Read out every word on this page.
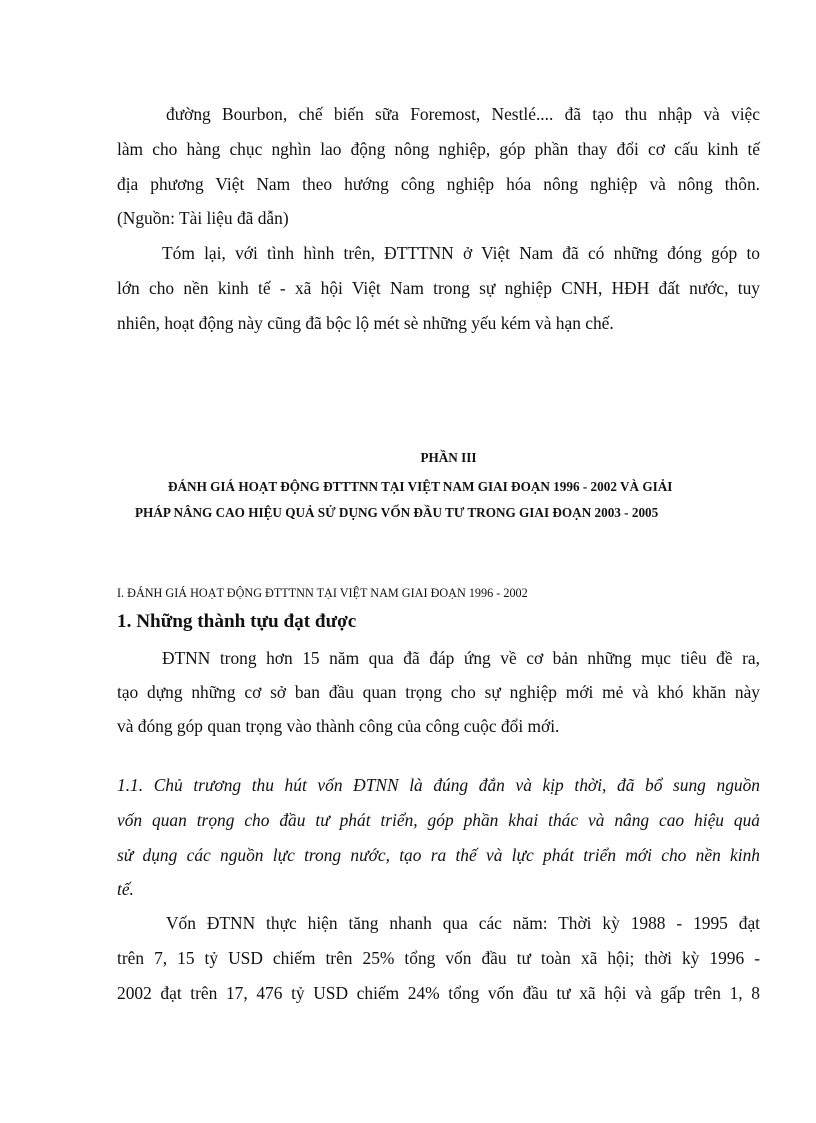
đường Bourbon, chế biến sữa Foremost, Nestlé.... đã tạo thu nhập và việc
làm cho hàng chục nghìn lao động nông nghiệp, góp phần thay đổi cơ cấu kinh tế
địa phương Việt Nam theo hướng công nghiệp hóa nông nghiệp và nông thôn.
(Nguồn: Tài liệu đã dẫn)
Tóm lại, với tình hình trên, ĐTTTNN ở Việt Nam đã có những đóng góp to
lớn cho nền kinh tế - xã hội Việt Nam trong sự nghiệp CNH, HĐH đất nước, tuy
nhiên, hoạt động này cũng đã bộc lộ mét sè những yếu kém và hạn chế.
PHẦN III
ĐÁNH GIÁ HOẠT ĐỘNG ĐTTTNN TẠI VIỆT NAM GIAI ĐOẠN 1996 - 2002 VÀ GIẢI
PHÁP NÂNG CAO HIỆU QUẢ SỬ DỤNG VỐN ĐẦU TƯ TRONG GIAI ĐOẠN 2003 - 2005
I. ĐÁNH GIÁ HOẠT ĐỘNG ĐTTTNN TẠI VIỆT NAM GIAI ĐOẠN 1996 - 2002
1. Những thành tựu đạt được
ĐTNN trong hơn 15 năm qua đã đáp ứng về cơ bản những mục tiêu đề ra,
tạo dựng những cơ sở ban đầu quan trọng cho sự nghiệp mới mẻ và khó khăn này
và đóng góp quan trọng vào thành công của công cuộc đổi mới.
1.1. Chủ trương thu hút vốn ĐTNN là đúng đắn và kịp thời, đã bổ sung nguồn
vốn quan trọng cho đầu tư phát triển, góp phần khai thác và nâng cao hiệu quả
sử dụng các nguồn lực trong nước, tạo ra thế và lực phát triển mới cho nền kinh
tế.
Vốn ĐTNN thực hiện tăng nhanh qua các năm: Thời kỳ 1988 - 1995 đạt
trên 7, 15 tỷ USD chiếm trên 25% tổng vốn đầu tư toàn xã hội; thời kỳ 1996 -
2002 đạt trên 17, 476 tỷ USD chiếm 24% tổng vốn đầu tư xã hội và gấp trên 1, 8
